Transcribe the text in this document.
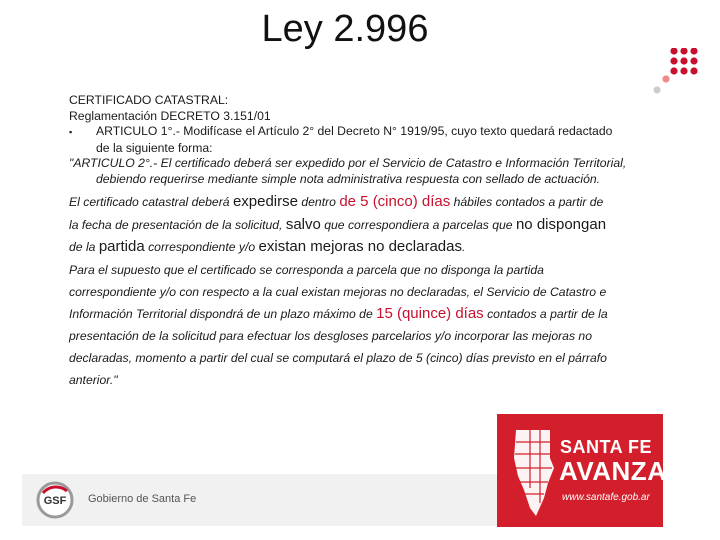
Ley 2.996
CERTIFICADO CATASTRAL:
Reglamentación DECRETO 3.151/01
▪	ARTICULO 1°.- Modifícase el Artículo 2° del Decreto N° 1919/95, cuyo texto quedará redactado
de la siguiente forma:
"ARTICULO 2°.- El certificado deberá ser expedido por el Servicio de Catastro e Información Territorial,
debiendo requerirse mediante simple nota administrativa respuesta con sellado de actuación.
El certificado catastral deberá expedirse dentro de 5 (cinco) días hábiles contados a partir de
la fecha de presentación de la solicitud, salvo que correspondiera a parcelas que no dispongan
de la partida correspondiente y/o existan mejoras no declaradas.
Para el supuesto que el certificado se corresponda a parcela que no disponga la partida
correspondiente y/o con respecto a la cual existan mejoras no declaradas, el Servicio de Catastro e
Información Territorial dispondrá de un plazo máximo de 15 (quince) días contados a partir de la
presentación de la solicitud para efectuar los desgloses parcelarios y/o incorporar las mejoras no
declaradas, momento a partir del cual se computará el plazo de 5 (cinco) días previsto en el párrafo
anterior."
GSF Gobierno de Santa Fe
SANTA FE
AVANZA
www.santafe.gob.ar
